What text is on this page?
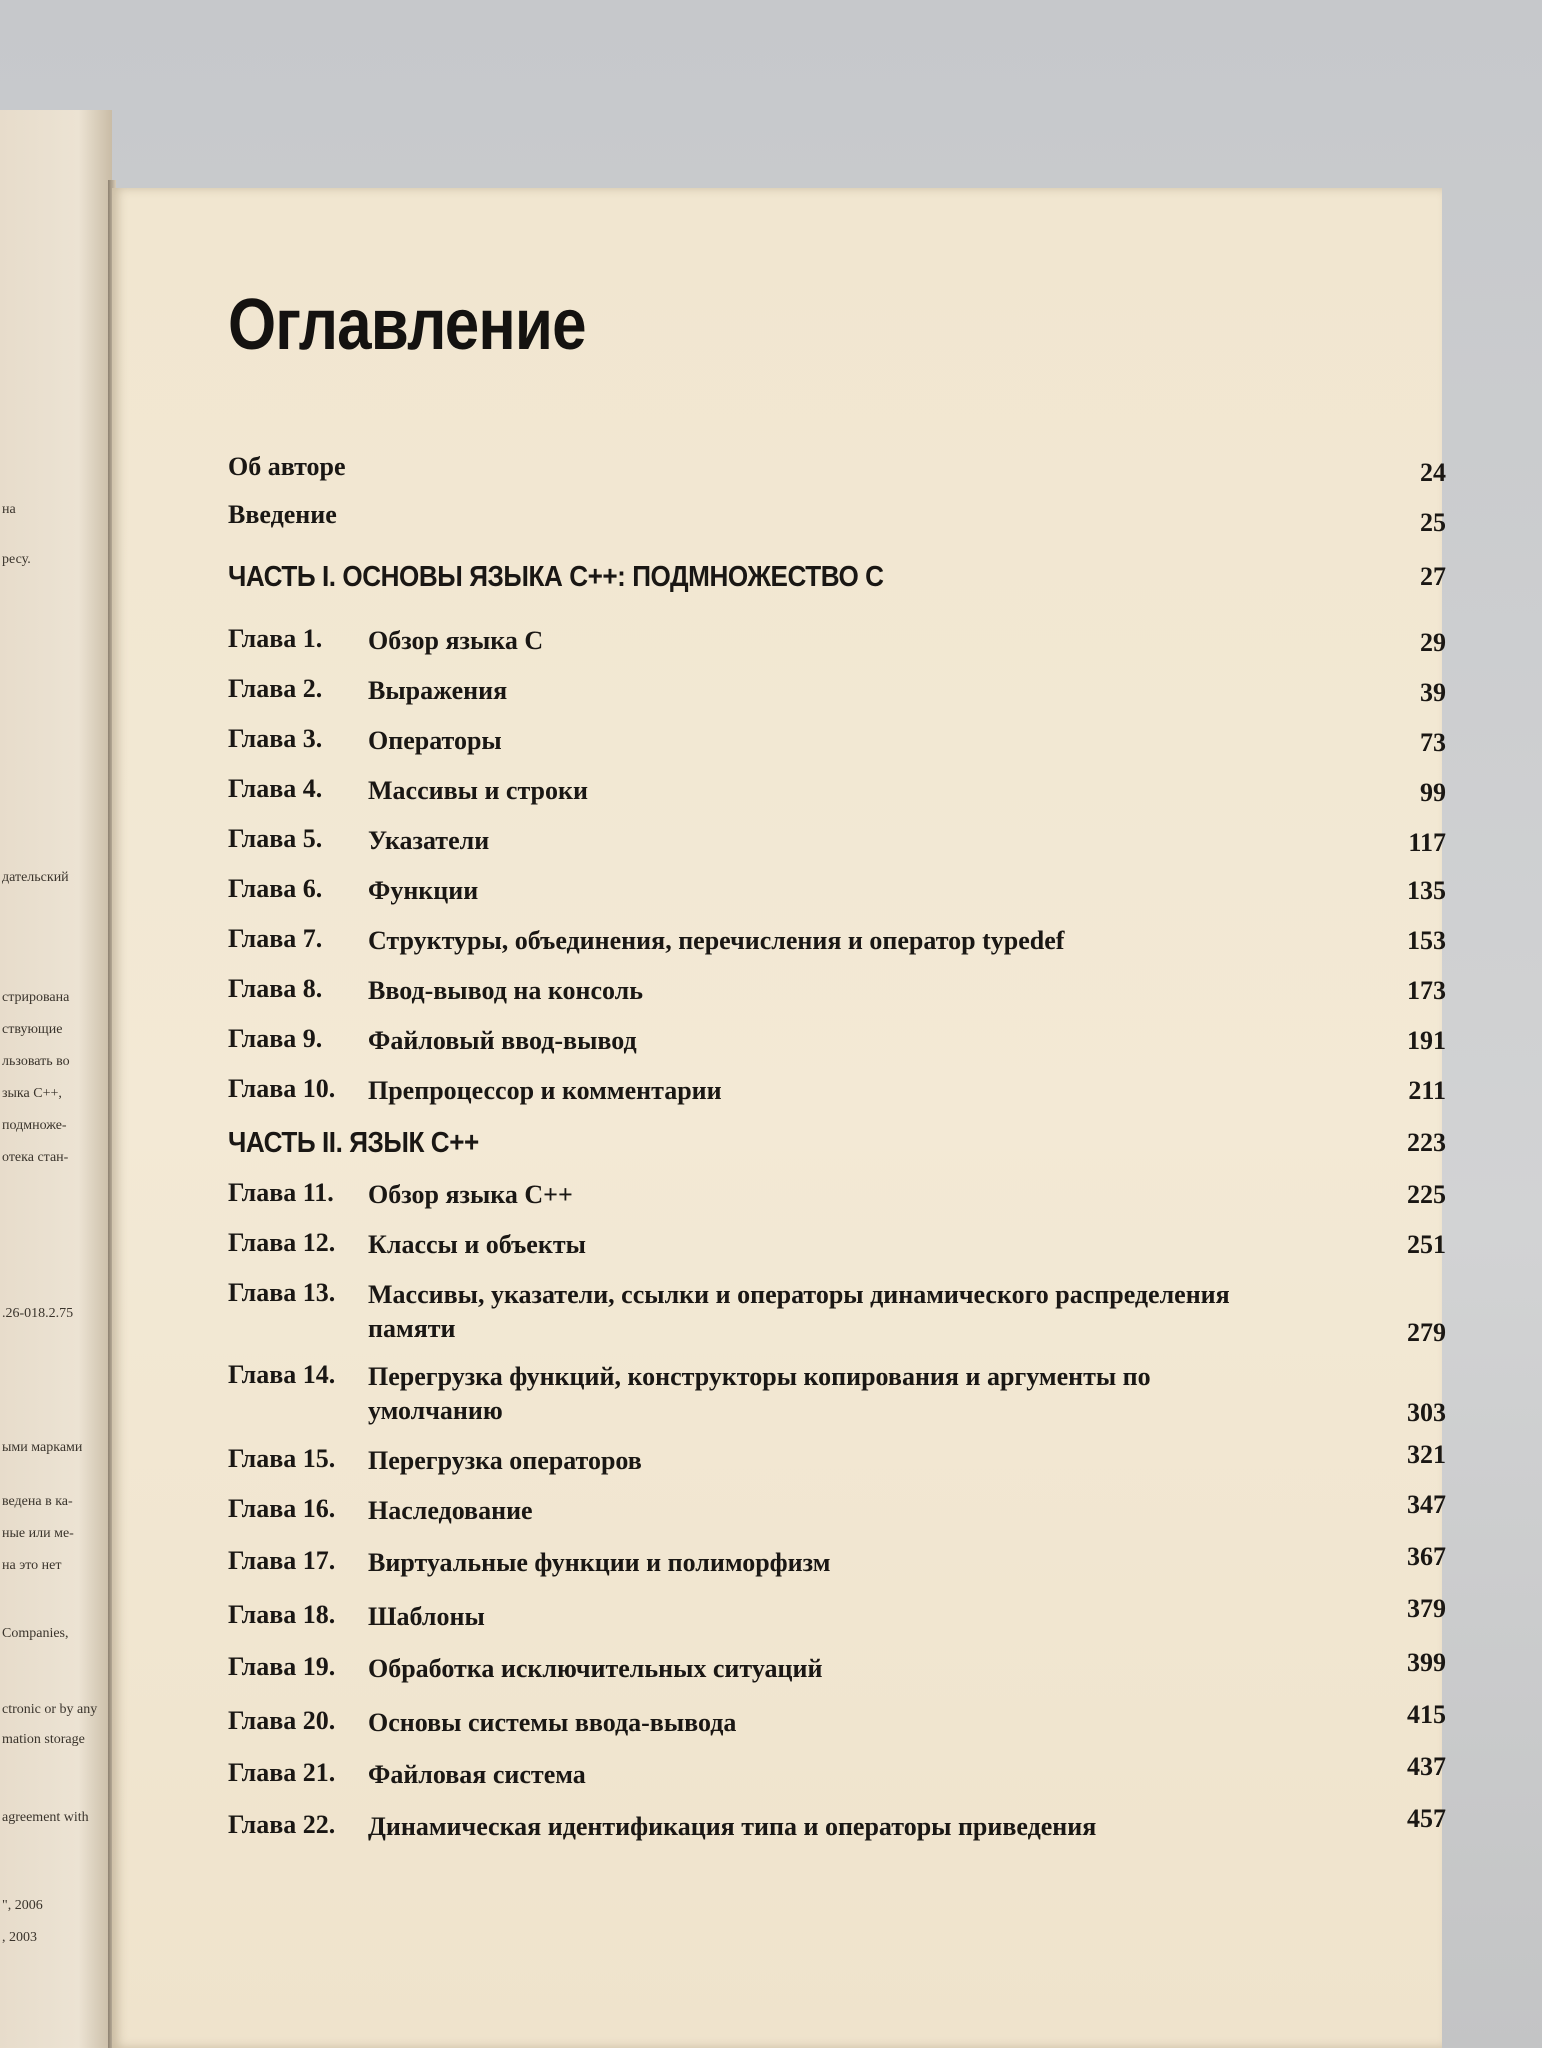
на
ресу.
дательский
стрирована
ствующие
льзовать во
зыка С++,
подмноже-
отека стан-
.26-018.2.75
ыми марками
ведена в ка-
ные или ме-
на это нет
Companies,
ctronic or by any
mation storage
agreement with
", 2006
, 2003
Оглавление
Об авторе	24
Введение	25
ЧАСТЬ I. ОСНОВЫ ЯЗЫКА С++: ПОДМНОЖЕСТВО С	27
Глава 1. Обзор языка С	29
Глава 2. Выражения	39
Глава 3. Операторы	73
Глава 4. Массивы и строки	99
Глава 5. Указатели	117
Глава 6. Функции	135
Глава 7. Структуры, объединения, перечисления и оператор typedef	153
Глава 8. Ввод-вывод на консоль	173
Глава 9. Файловый ввод-вывод	191
Глава 10. Препроцессор и комментарии	211
ЧАСТЬ II. ЯЗЫК С++	223
Глава 11. Обзор языка С++	225
Глава 12. Классы и объекты	251
Глава 13. Массивы, указатели, ссылки и операторы динамического распределения памяти	279
Глава 14. Перегрузка функций, конструкторы копирования и аргументы по умолчанию	303
Глава 15. Перегрузка операторов	321
Глава 16. Наследование	347
Глава 17. Виртуальные функции и полиморфизм	367
Глава 18. Шаблоны	379
Глава 19. Обработка исключительных ситуаций	399
Глава 20. Основы системы ввода-вывода	415
Глава 21. Файловая система	437
Глава 22. Динамическая идентификация типа и операторы приведения	457
